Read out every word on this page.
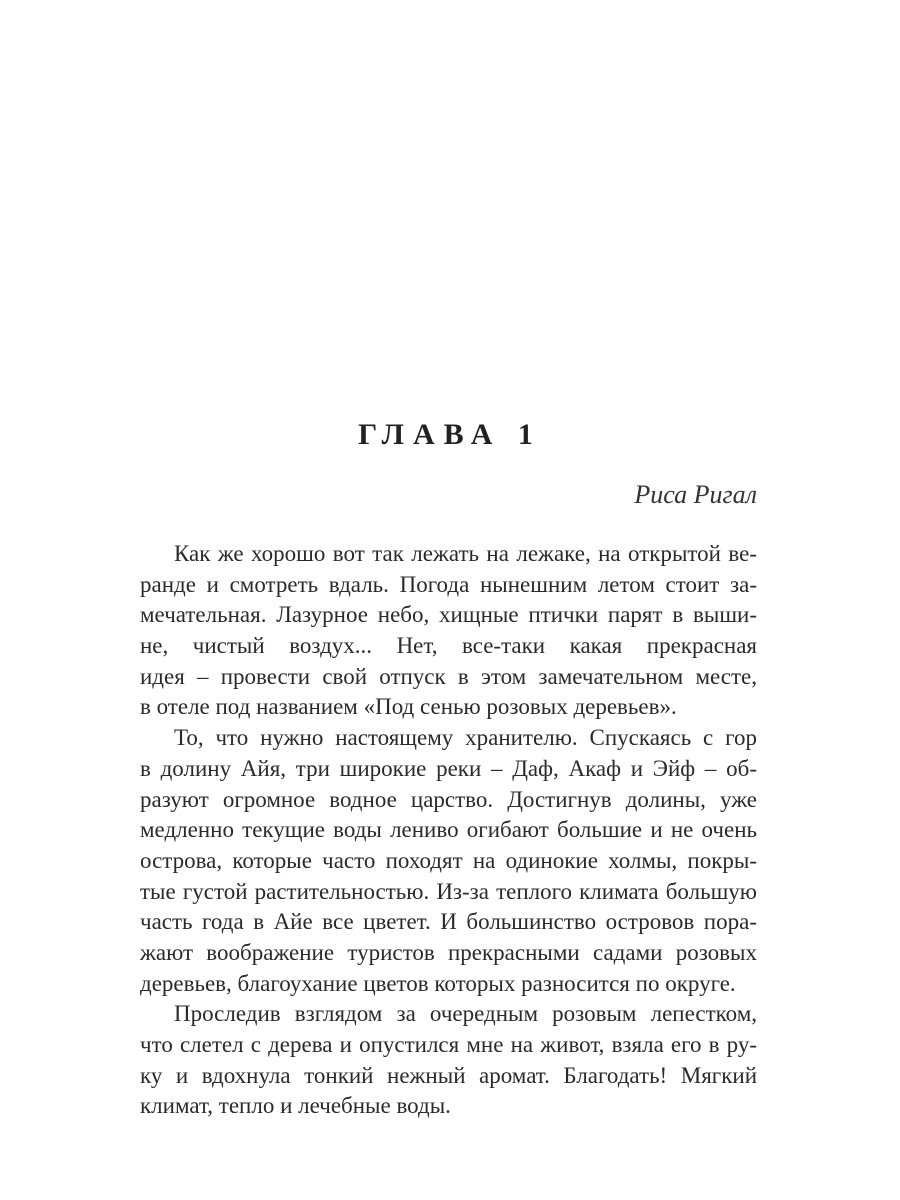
ГЛАВА 1
Риса Ригал
Как же хорошо вот так лежать на лежаке, на открытой ве-
ранде и смотреть вдаль. Погода нынешним летом стоит за-
мечательная. Лазурное небо, хищные птички парят в выши-
не, чистый воздух... Нет, все-таки какая прекрасная
идея – провести свой отпуск в этом замечательном месте,
в отеле под названием «Под сенью розовых деревьев».
То, что нужно настоящему хранителю. Спускаясь с гор
в долину Айя, три широкие реки – Даф, Акаф и Эйф – об-
разуют огромное водное царство. Достигнув долины, уже
медленно текущие воды лениво огибают большие и не очень
острова, которые часто походят на одинокие холмы, покры-
тые густой растительностью. Из-за теплого климата большую
часть года в Айе все цветет. И большинство островов пора-
жают воображение туристов прекрасными садами розовых
деревьев, благоухание цветов которых разносится по округе.
Проследив взглядом за очередным розовым лепестком,
что слетел с дерева и опустился мне на живот, взяла его в ру-
ку и вдохнула тонкий нежный аромат. Благодать! Мягкий
климат, тепло и лечебные воды.
